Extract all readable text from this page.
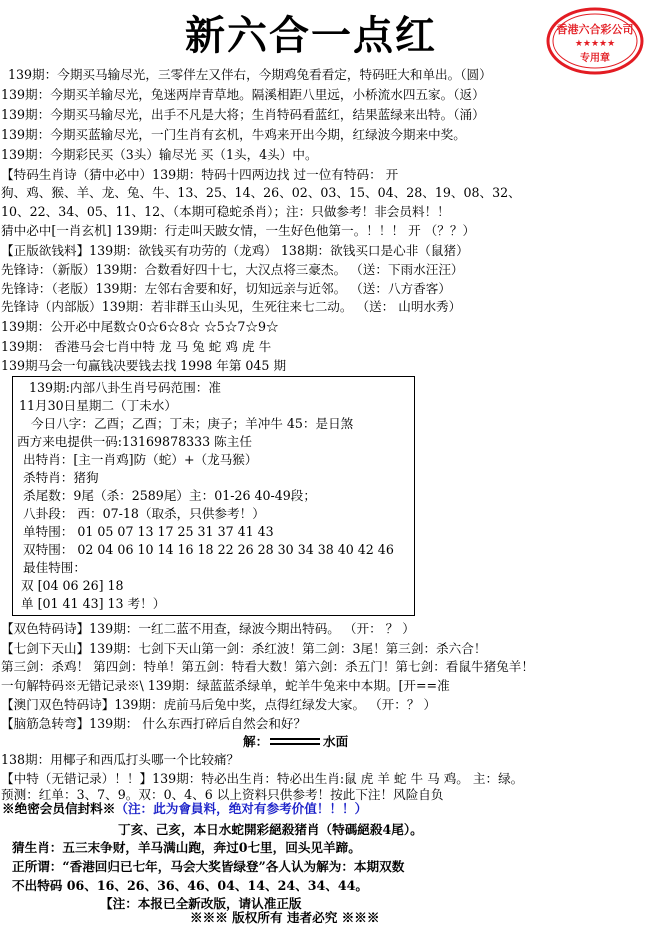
新六合一点红	香港六合彩公司
★★★★★
专用章
139期：今期买马输尽光，三零伴左又伴右，今期鸡兔看看定，特码旺大和单出。（圆）
139期：今期买羊输尽光，兔迷两岸青草地。隔溪相距八里远，小桥流水四五家。（返）
139期：今期买马输尽光，出手不凡是大将；生肖特码看蓝红，结果蓝绿来出特。（涌）
139期：今期买蓝输尽光，一门生肖有玄机，牛鸡来开出今期，红绿波今期来中奖。
139期：今期彩民买（3头）输尽光 买（1头，4头）中。
【特码生肖诗（猜中必中）139期：特码十四两边找 过一位有特码： 开
狗、鸡、猴、羊、龙、兔、牛、13、25、14、26、02、03、15、04、28、19、08、32、
10、22、34、05、11、12、（本期可稳蛇杀肖）；注：只做参考！非会员料！！
猜中必中[一肖玄机] 139期：行走叫天跛女情，一生好色他第一。！！！ 开 （？？）
【正版欲钱料】139期：欲钱买有功劳的（龙鸡） 138期：欲钱买口是心非（鼠猪）
先锋诗：（新版）139期：合数看好四十七，大汉点将三豪杰。 （送：下雨水汪汪）
先锋诗：（老版）139期：左邻右舍要和好，切知远亲与近邻。 （送：八方香客）
先锋诗（内部版）139期：若非群玉山头见，生死往来七二动。 （送： 山明水秀）
139期：公开必中尾数☆0☆6☆8☆ ☆5☆7☆9☆
139期： 香港马会七肖中特 龙 马 兔 蛇 鸡 虎 牛
139期马会一句赢钱决要钱去找 1998 年第 045 期
139期:内部八卦生肖号码范围：准
11月30日星期二（丁未水）
今日八字：乙酉；乙酉；丁未；庚子；羊冲牛 45：是日煞
西方来电提供一码:13169878333 陈主任
出特肖：[主一肖鸡]防（蛇）+（龙马猴）
杀特肖：猪狗
杀尾数：9尾（杀：2589尾）主：01-26 40-49段；
八卦段： 西：07-18（取杀，只供参考！）
单特围： 01 05 07 13 17 25 31 37 41 43
双特围： 02 04 06 10 14 16 18 22 26 28 30 34 38 40 42 46
最佳特围：
双 [04 06 26] 18
单 [01 41 43] 13 考！）
【双色特码诗】139期：一红二蓝不用查，绿波今期出特码。 （开： ？ ）
【七剑下天山】139期：七剑下天山第一剑：杀红波！第二剑：3尾！第三剑：杀六合！
第三剑：杀鸡！ 第四剑：特单！第五剑：特看大数！第六剑：杀五门！第七剑：看鼠牛猪兔羊！
一句解特码※无错记录※\ 139期：绿蓝蓝杀绿单，蛇羊牛兔来中本期。[开==准
【澳门双色特码诗】139期：虎前马后兔中奖，点得红绿发大家。 （开：？ ）
【脑筋急转弯】139期： 什么东西打碎后自然会和好？
解：	水面
138期：用椰子和西瓜打头哪一个比较痛？
【中特（无错记录）！！】139期：特必出生肖：特必出生肖:鼠 虎 羊 蛇 牛 马 鸡。 主：绿。
预测：红单：3、7、9。双：0、4、6 以上资料只供参考！按此下注！风险自负
※绝密会员信封料※（注：此为會員料，绝对有参考价值！！！）
丁亥、己亥，本日水蛇開彩絕殺猪肖（特碼絕殺4尾）。
猜生肖：五三末争财，羊马满山跑，奔过0七里，回头见羊蹄。
正所谓：“香港回归已七年，马会大奖皆绿登”各人认为解为：本期双数
不出特码 06、16、26、36、46、04、14、24、34、44。
【注：本报已全新改版，请认准正版
※※※ 版权所有 违者必究 ※※※
